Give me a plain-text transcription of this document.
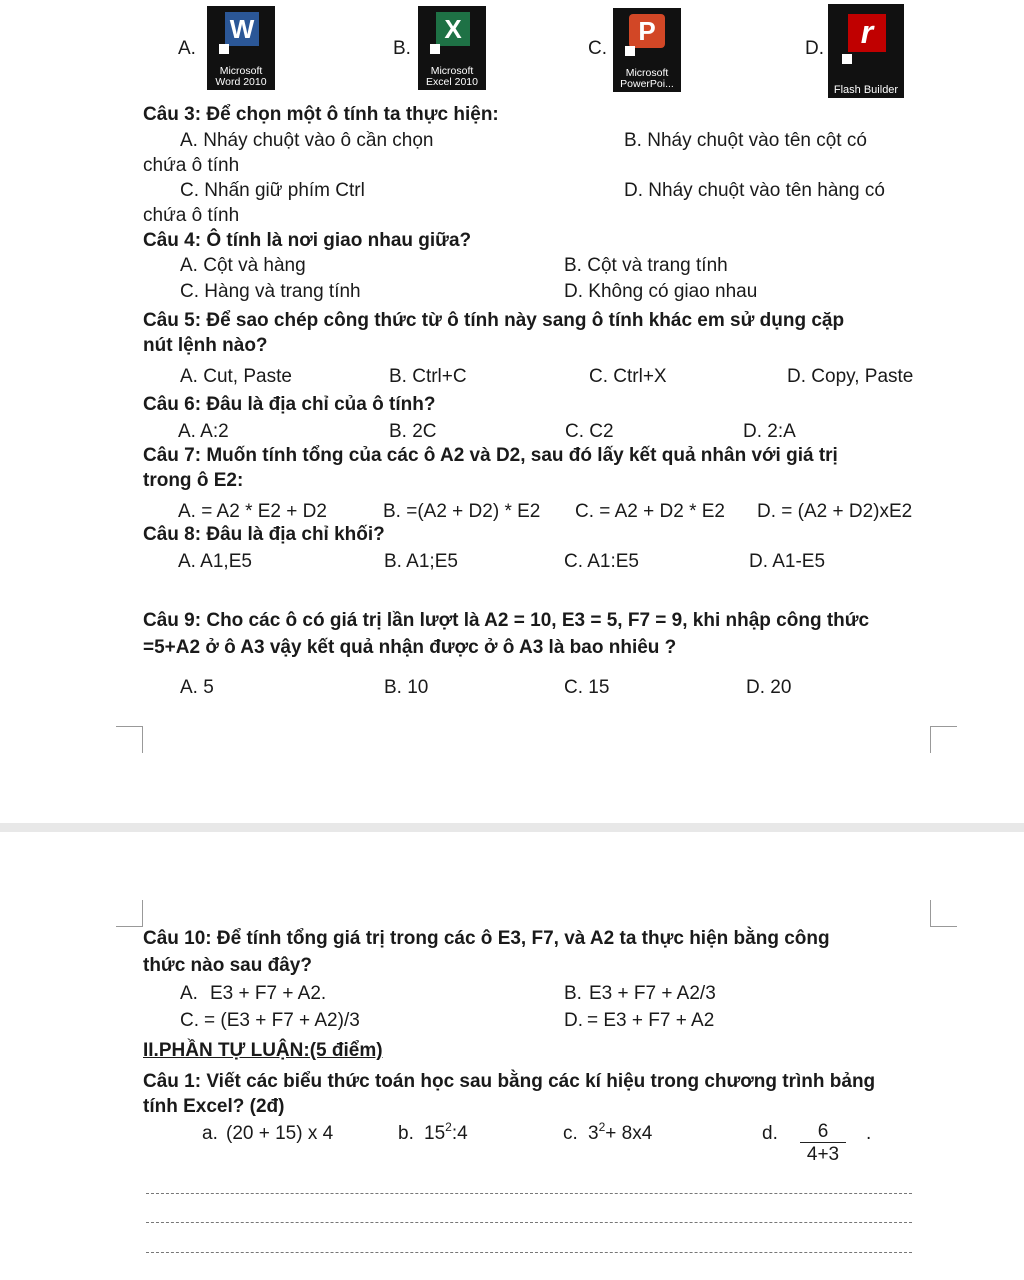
A.
W
Microsoft
Word 2010
B.
X
Microsoft
Excel 2010
C.
P
Microsoft
PowerPoi...
D.	r
Flash Builder
Câu 3: Để chọn một ô tính ta thực hiện:
A. Nháy chuột vào ô cần chọn	B. Nháy chuột vào tên cột có
chứa ô tính
C. Nhấn giữ phím Ctrl	D. Nháy chuột vào tên hàng có
chứa ô tính
Câu 4: Ô tính là nơi giao nhau giữa?
A. Cột và hàng	B. Cột và trang tính
C. Hàng và trang tính	D. Không có giao nhau
Câu 5: Để sao chép công thức từ ô tính này sang ô tính khác em sử dụng cặp
nút lệnh nào?
A. Cut, Paste	B. Ctrl+C	C. Ctrl+X	D. Copy, Paste
Câu 6: Đâu là địa chỉ của ô tính?
A. A:2	B. 2C	C. C2	D. 2:A
Câu 7: Muốn tính tổng của các ô A2 và D2, sau đó lấy kết quả nhân với giá trị
trong ô E2:
A. = A2 * E2 + D2	B. =(A2 + D2) * E2 C. = A2 + D2 * E2 D. = (A2 + D2)xE2
Câu 8: Đâu là địa chỉ khối?
A. A1,E5	B. A1;E5	C. A1:E5	D. A1-E5
Câu 9: Cho các ô có giá trị lần lượt là A2 = 10, E3 = 5, F7 = 9, khi nhập công thức
=5+A2 ở ô A3 vậy kết quả nhận được ở ô A3 là bao nhiêu ?
A. 5	B. 10	C. 15	D. 20
Câu 10: Để tính tổng giá trị trong các ô E3, F7, và A2 ta thực hiện bằng công
thức nào sau đây?
A. E3 + F7 + A2.	B. E3 + F7 + A2/3
C. = (E3 + F7 + A2)/3	D. = E3 + F7 + A2
II.PHẦN TỰ LUẬN:(5 điểm)
Câu 1: Viết các biểu thức toán học sau bằng các kí hiệu trong chương trình bảng
tính Excel? (2đ)
a. (20 + 15) x 4	b. $15^2:4$	c. $3^2+ 8x4$	d. $\frac{6}{4+3}$ .
